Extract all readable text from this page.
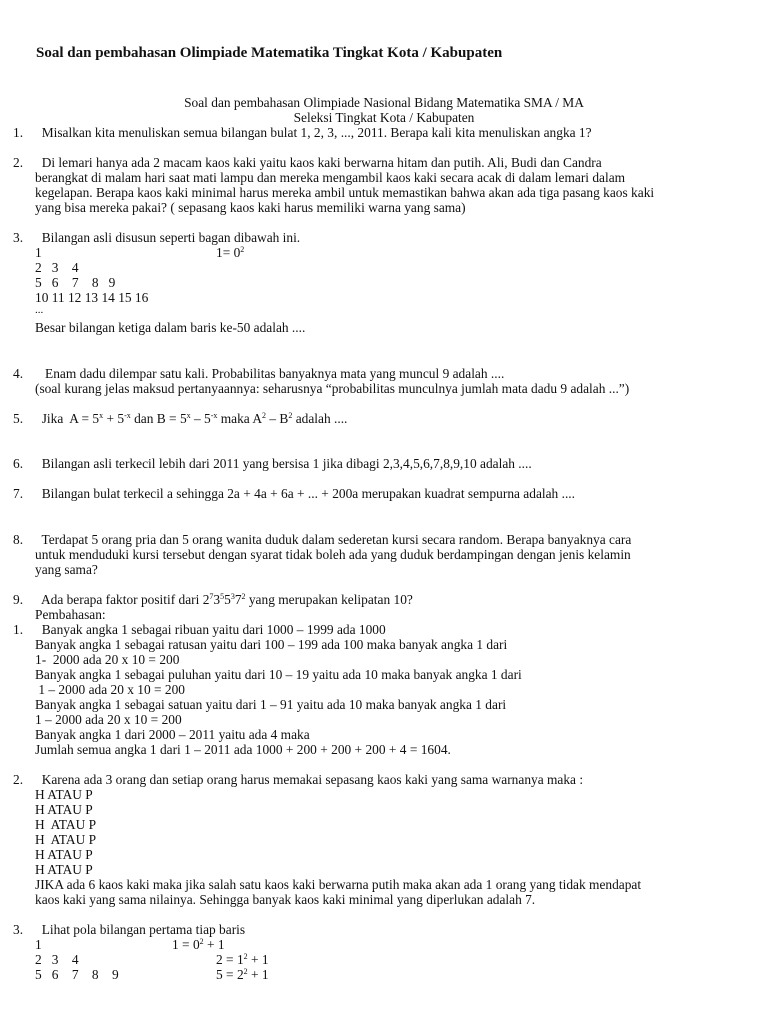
Soal dan pembahasan Olimpiade Matematika Tingkat Kota / Kabupaten
Soal dan pembahasan Olimpiade Nasional Bidang Matematika SMA / MA
Seleksi Tingkat Kota / Kabupaten
1. Misalkan kita menuliskan semua bilangan bulat 1, 2, 3, ..., 2011. Berapa kali kita menuliskan angka 1?
2. Di lemari hanya ada 2 macam kaos kaki yaitu kaos kaki berwarna hitam dan putih. Ali, Budi dan Candra
berangkat di malam hari saat mati lampu dan mereka mengambil kaos kaki secara acak di dalam lemari dalam
kegelapan. Berapa kaos kaki minimal harus mereka ambil untuk memastikan bahwa akan ada tiga pasang kaos kaki
yang bisa mereka pakai? ( sepasang kaos kaki harus memiliki warna yang sama)
3. Bilangan asli disusun seperti bagan dibawah ini.
1	$1= 0^2$
2   3    4
5   6    7    8   9
10 11 12 13 14 15 16
...
Besar bilangan ketiga dalam baris ke-50 adalah ....
4. Enam dadu dilempar satu kali. Probabilitas banyaknya mata yang muncul 9 adalah ....
(soal kurang jelas maksud pertanyaannya: seharusnya “probabilitas munculnya jumlah mata dadu 9 adalah ...”)
5. Jika  $A = 5^x + 5^{-x}$ dan $B = 5^x - 5^{-x}$ maka $A^2 - B^2$ adalah ....
6. Bilangan asli terkecil lebih dari 2011 yang bersisa 1 jika dibagi 2,3,4,5,6,7,8,9,10 adalah ....
7. Bilangan bulat terkecil a sehingga 2a + 4a + 6a + ... + 200a merupakan kuadrat sempurna adalah ....
8. Terdapat 5 orang pria dan 5 orang wanita duduk dalam sederetan kursi secara random. Berapa banyaknya cara
untuk menduduki kursi tersebut dengan syarat tidak boleh ada yang duduk berdampingan dengan jenis kelamin
yang sama?
9. Ada berapa faktor positif dari $2^73^55^37^2$ yang merupakan kelipatan 10?
Pembahasan:
1. Banyak angka 1 sebagai ribuan yaitu dari 1000 – 1999 ada 1000
Banyak angka 1 sebagai ratusan yaitu dari 100 – 199 ada 100 maka banyak angka 1 dari
1-  2000 ada 20 x 10 = 200
Banyak angka 1 sebagai puluhan yaitu dari 10 – 19 yaitu ada 10 maka banyak angka 1 dari
1 – 2000 ada 20 x 10 = 200
Banyak angka 1 sebagai satuan yaitu dari 1 – 91 yaitu ada 10 maka banyak angka 1 dari
1 – 2000 ada 20 x 10 = 200
Banyak angka 1 dari 2000 – 2011 yaitu ada 4 maka
Jumlah semua angka 1 dari 1 – 2011 ada 1000 + 200 + 200 + 200 + 4 = 1604.
2. Karena ada 3 orang dan setiap orang harus memakai sepasang kaos kaki yang sama warnanya maka :
H ATAU P
H ATAU P
H  ATAU P
H  ATAU P
H ATAU P
H ATAU P
JIKA ada 6 kaos kaki maka jika salah satu kaos kaki berwarna putih maka akan ada 1 orang yang tidak mendapat
kaos kaki yang sama nilainya. Sehingga banyak kaos kaki minimal yang diperlukan adalah 7.
3. Lihat pola bilangan pertama tiap baris
1	$1 = 0^2 + 1$
2   3    4	$2 = 1^2 + 1$
5   6    7    8    9	$5 = 2^2 + 1$
